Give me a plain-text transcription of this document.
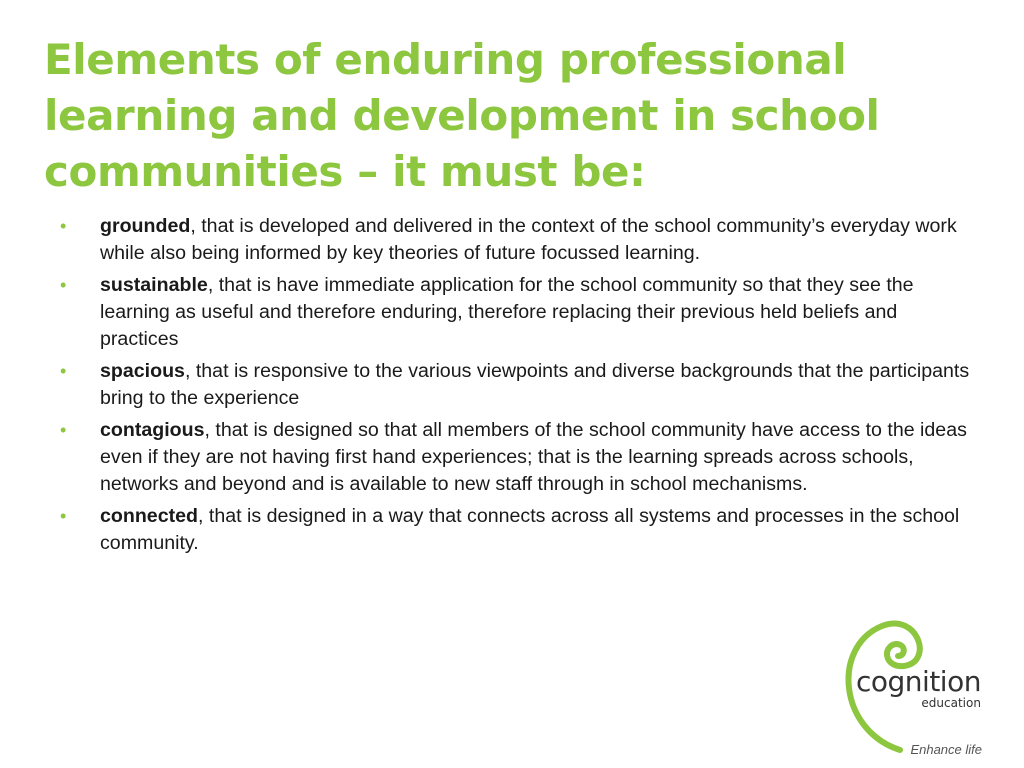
Elements of enduring professional learning and development in school communities – it must be:
• grounded, that is developed and delivered in the context of the school community’s everyday work while also being informed by key theories of future focussed learning.
• sustainable, that is have immediate application for the school community so that they see the learning as useful and therefore enduring, therefore replacing their previous held beliefs and practices
• spacious, that is responsive to the various viewpoints and diverse backgrounds that the participants bring to the experience
• contagious, that is designed so that all members of the school community have access to the ideas even if they are not having first hand experiences; that is the learning spreads across schools, networks and beyond and is available to new staff through in school mechanisms.
• connected, that is designed in a way that connects across all systems and processes in the school community.
cognition
education
Enhance life
